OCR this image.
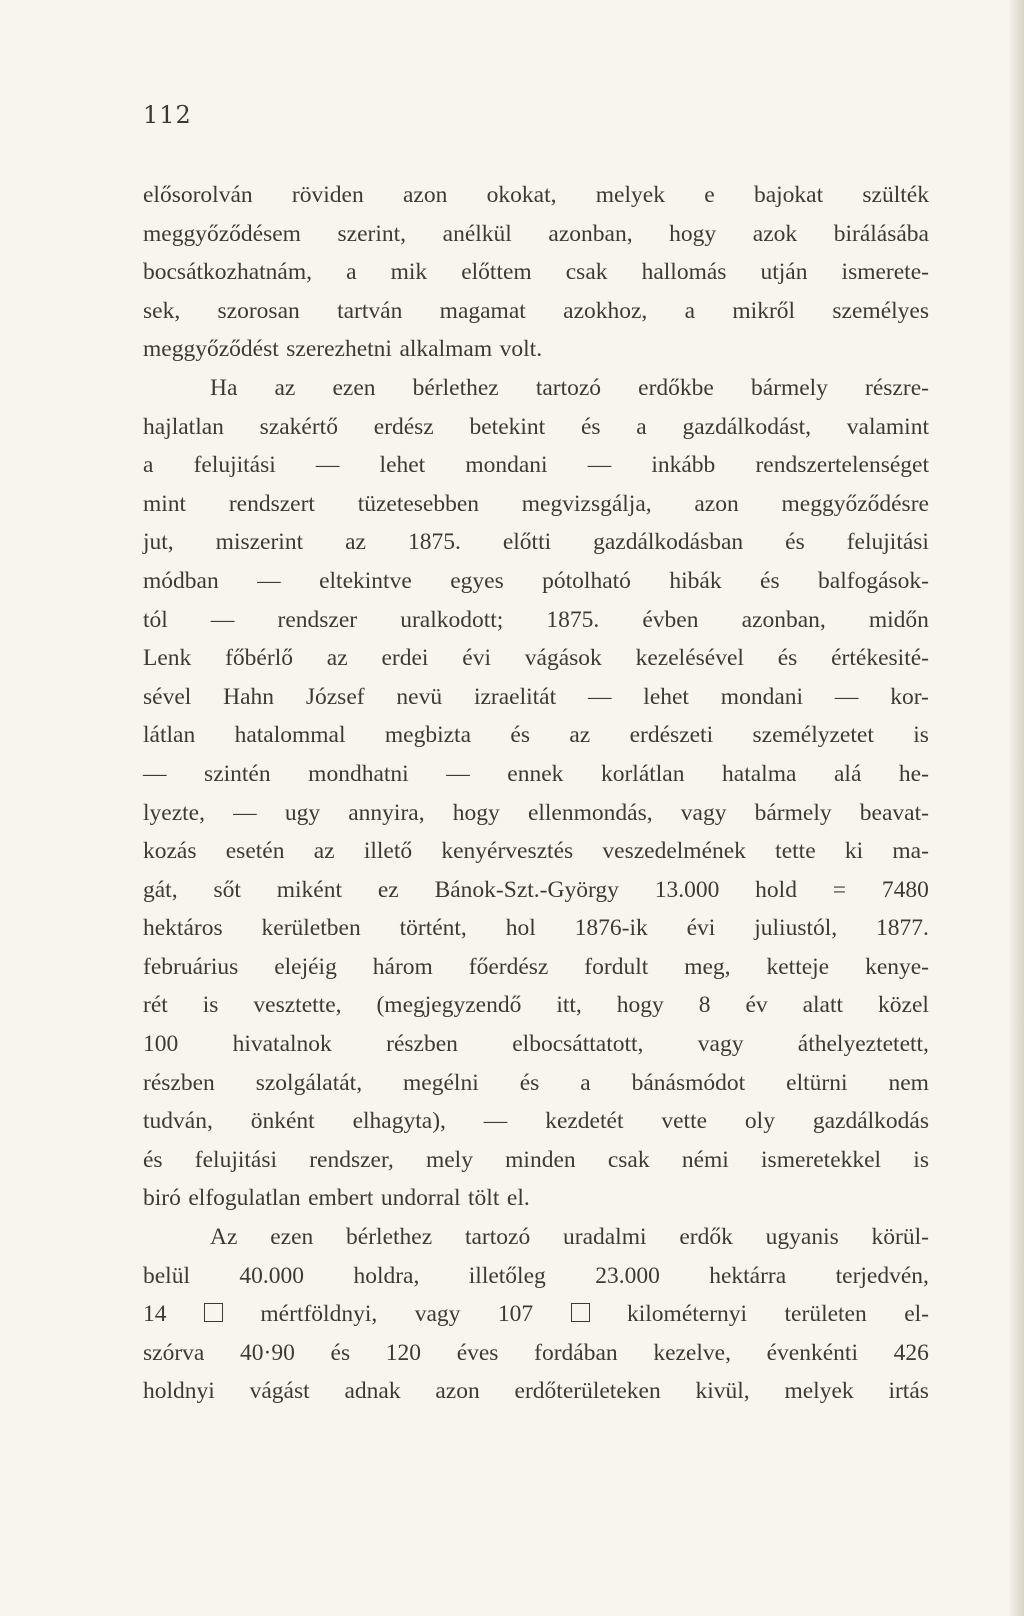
112
elősorolván röviden azon okokat, melyek e bajokat szülték
meggyőződésem szerint, anélkül azonban, hogy azok birálásába
bocsátkozhatnám, a mik előttem csak hallomás utján ismerete-
sek, szorosan tartván magamat azokhoz, a mikről személyes
meggyőződést szerezhetni alkalmam volt.
Ha az ezen bérlethez tartozó erdőkbe bármely részre-
hajlatlan szakértő erdész betekint és a gazdálkodást, valamint
a felujitási — lehet mondani — inkább rendszertelenséget
mint rendszert tüzetesebben megvizsgálja, azon meggyőződésre
jut, miszerint az 1875. előtti gazdálkodásban és felujitási
módban — eltekintve egyes pótolható hibák és balfogások-
tól — rendszer uralkodott; 1875. évben azonban, midőn
Lenk főbérlő az erdei évi vágások kezelésével és értékesité-
sével Hahn József nevü izraelitát — lehet mondani — kor-
látlan hatalommal megbizta és az erdészeti személyzetet is
— szintén mondhatni — ennek korlátlan hatalma alá he-
lyezte, — ugy annyira, hogy ellenmondás, vagy bármely beavat-
kozás esetén az illető kenyérvesztés veszedelmének tette ki ma-
gát, sőt miként ez Bánok-Szt.-György 13.000 hold = 7480
hektáros kerületben történt, hol 1876-ik évi juliustól, 1877.
februárius elejéig három főerdész fordult meg, ketteje kenye-
rét is vesztette, (megjegyzendő itt, hogy 8 év alatt közel
100 hivatalnok részben elbocsáttatott, vagy áthelyeztetett,
részben szolgálatát, megélni és a bánásmódot eltürni nem
tudván, önként elhagyta), — kezdetét vette oly gazdálkodás
és felujitási rendszer, mely minden csak némi ismeretekkel is
biró elfogulatlan embert undorral tölt el.
Az ezen bérlethez tartozó uradalmi erdők ugyanis körül-
belül 40.000 holdra, illetőleg 23.000 hektárra terjedvén,
14	mértföldnyi, vagy 107	kilométernyi területen el-
szórva 40·90 és 120 éves fordában kezelve, évenkénti 426
holdnyi vágást adnak azon erdőterületeken kivül, melyek irtás
